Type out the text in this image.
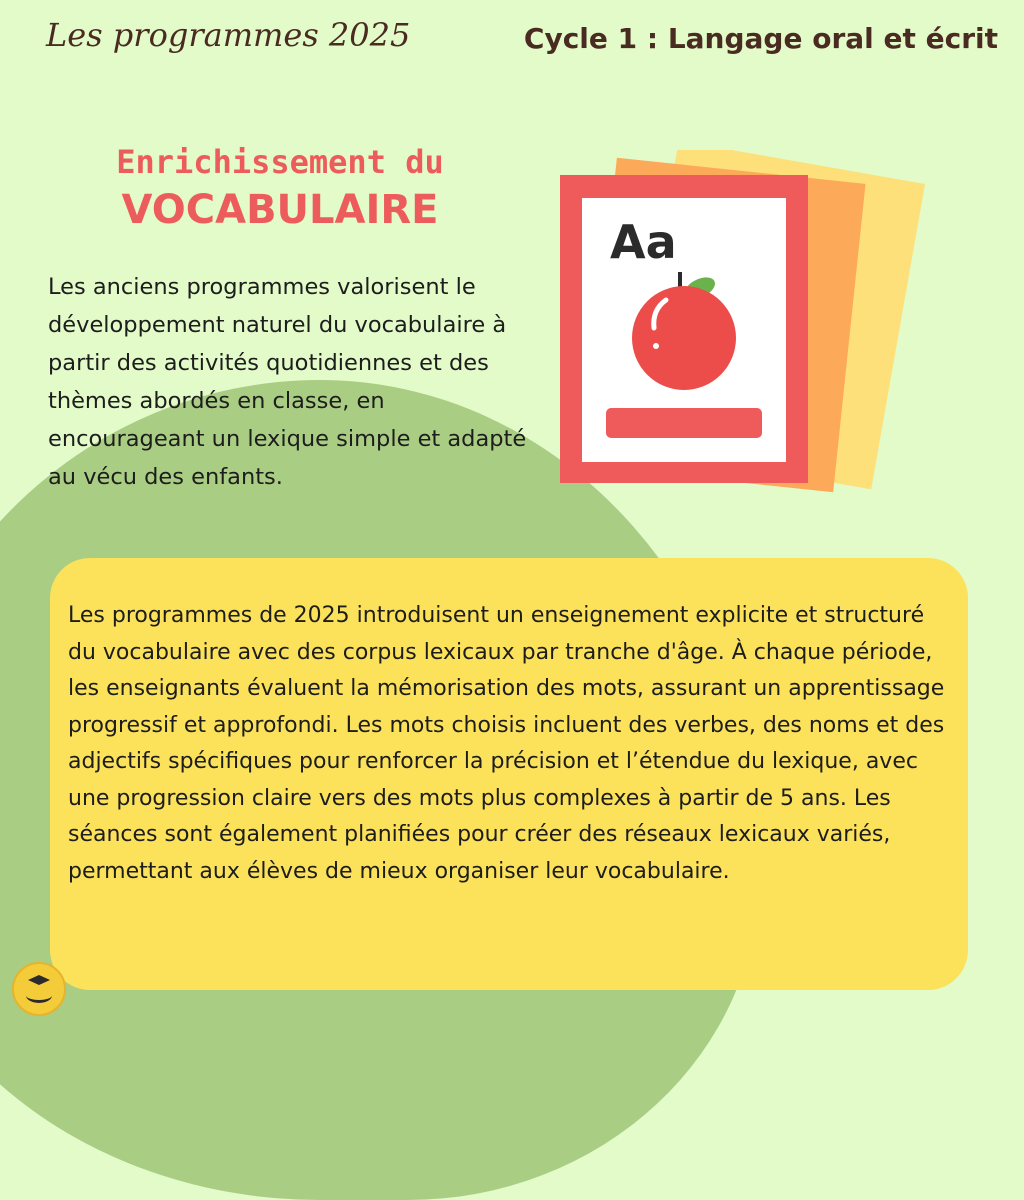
Les programmes 2025	Cycle 1 : Langage oral et écrit
Enrichissement du
VOCABULAIRE

Les anciens programmes valorisent le développement naturel du vocabulaire à partir des activités quotidiennes et des thèmes abordés en classe, en encourageant un lexique simple et adapté au vécu des enfants.

Aa

Les programmes de 2025 introduisent un enseignement explicite et structuré du vocabulaire avec des corpus lexicaux par tranche d'âge. À chaque période, les enseignants évaluent la mémorisation des mots, assurant un apprentissage progressif et approfondi. Les mots choisis incluent des verbes, des noms et des adjectifs spécifiques pour renforcer la précision et l’étendue du lexique, avec une progression claire vers des mots plus complexes à partir de 5 ans. Les séances sont également planifiées pour créer des réseaux lexicaux variés, permettant aux élèves de mieux organiser leur vocabulaire.
